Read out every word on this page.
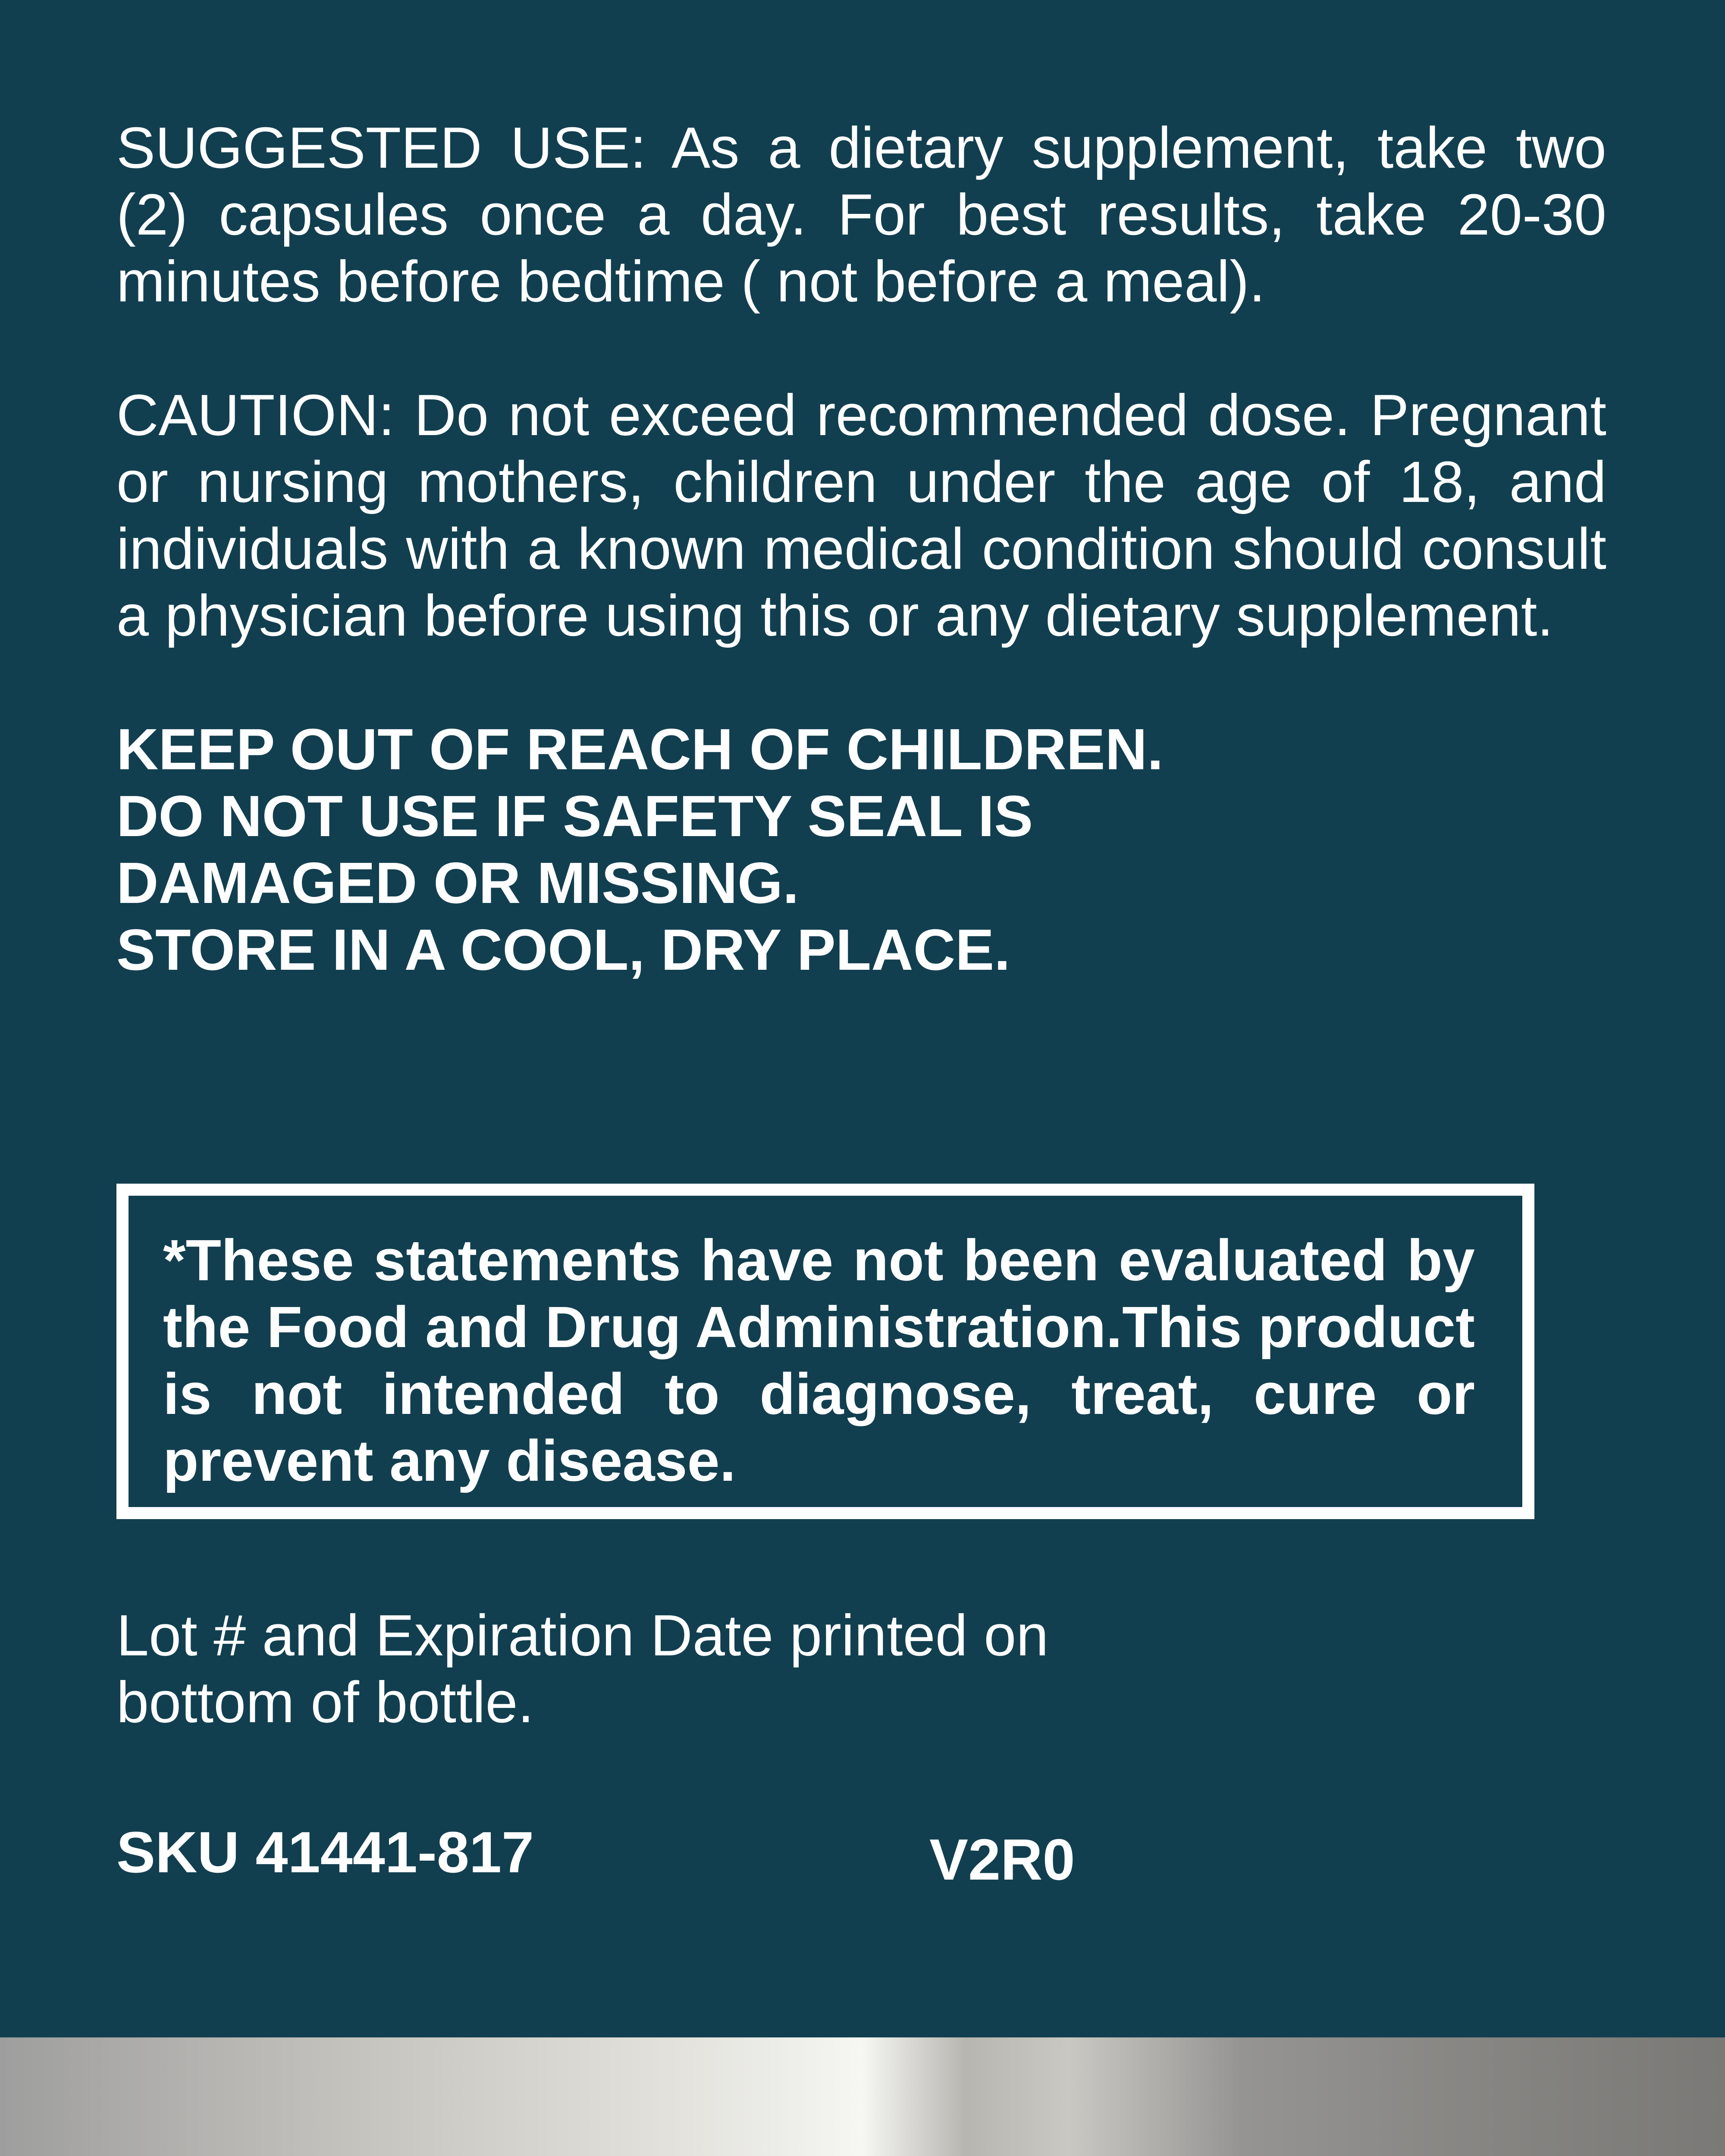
SUGGESTED USE: As a dietary supplement, take two (2) capsules once a day. For best results, take 20-30 minutes before bedtime ( not before a meal).

CAUTION: Do not exceed recommended dose. Pregnant or nursing mothers, children under the age of 18, and individuals with a known medical condition should consult a physician before using this or any dietary supplement.

KEEP OUT OF REACH OF CHILDREN.
DO NOT USE IF SAFETY SEAL IS
DAMAGED OR MISSING.
STORE IN A COOL, DRY PLACE.

*These statements have not been evaluated by the Food and Drug Administration.This product is not intended to diagnose, treat, cure or prevent any disease.

Lot # and Expiration Date printed on bottom of bottle.

SKU 41441-817	V2R0
